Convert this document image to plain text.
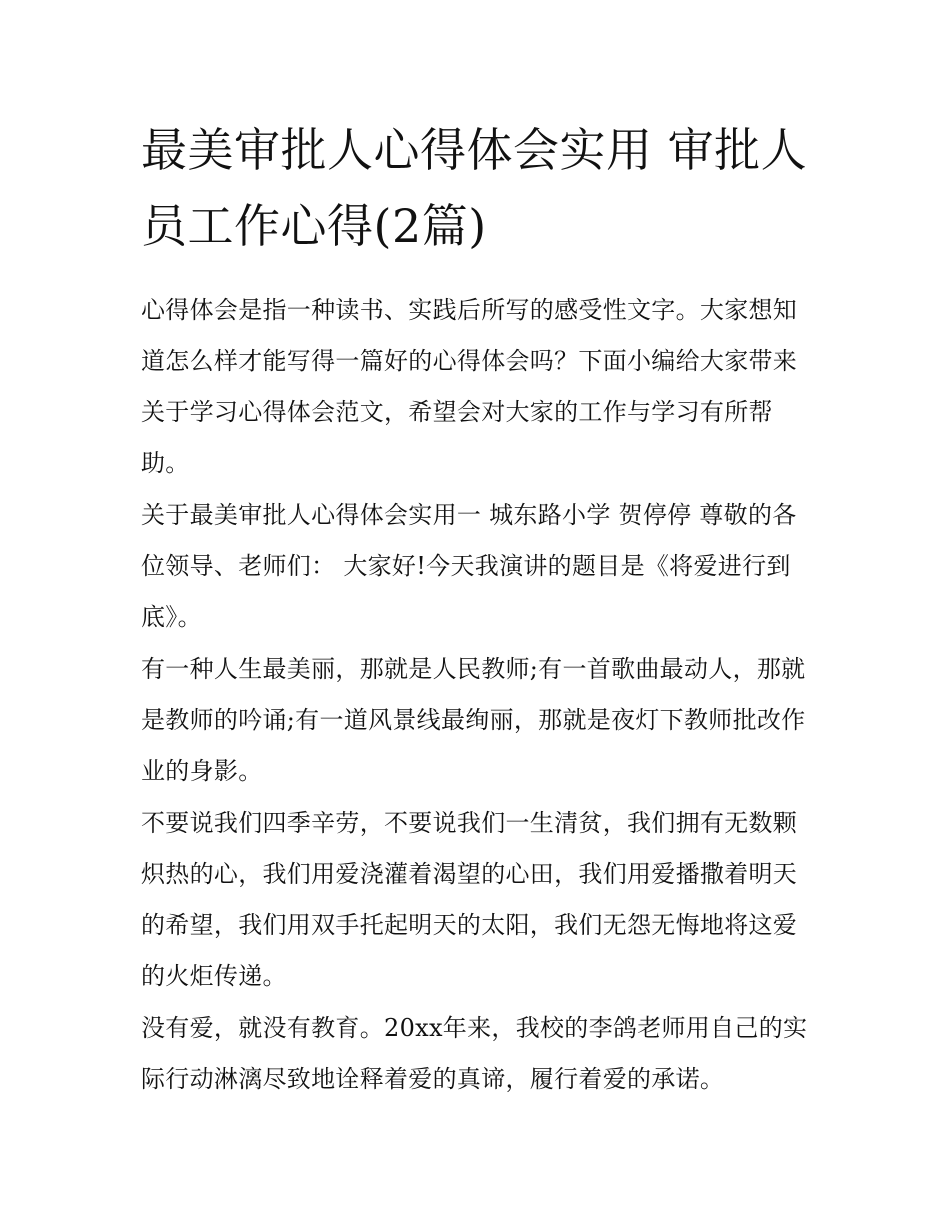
最美审批人心得体会实用 审批人员工作心得(2篇)

心得体会是指一种读书、实践后所写的感受性文字。大家想知道怎么样才能写得一篇好的心得体会吗？下面小编给大家带来关于学习心得体会范文，希望会对大家的工作与学习有所帮助。

关于最美审批人心得体会实用一 城东路小学 贺停停 尊敬的各位领导、老师们： 大家好!今天我演讲的题目是《将爱进行到底》。

有一种人生最美丽，那就是人民教师;有一首歌曲最动人，那就是教师的吟诵;有一道风景线最绚丽，那就是夜灯下教师批改作业的身影。

不要说我们四季辛劳，不要说我们一生清贫，我们拥有无数颗炽热的心，我们用爱浇灌着渴望的心田，我们用爱播撒着明天的希望，我们用双手托起明天的太阳，我们无怨无悔地将这爱的火炬传递。

没有爱，就没有教育。20xx年来，我校的李鸽老师用自己的实际行动淋漓尽致地诠释着爱的真谛，履行着爱的承诺。
